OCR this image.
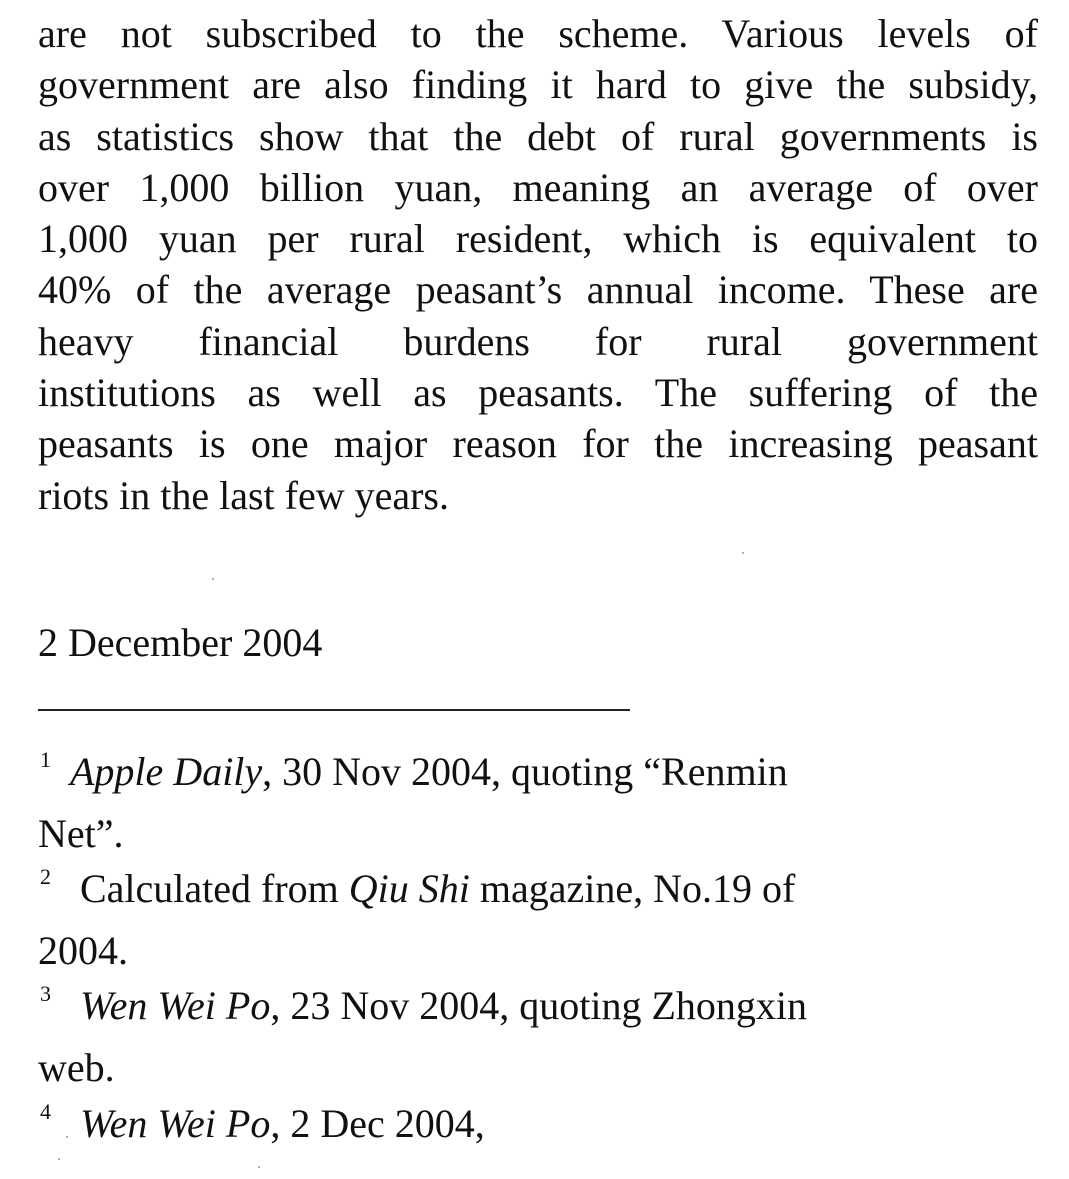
are not subscribed to the scheme. Various levels of
government are also finding it hard to give the subsidy,
as statistics show that the debt of rural governments is
over 1,000 billion yuan, meaning an average of over
1,000 yuan per rural resident, which is equivalent to
40% of the average peasant’s annual income. These are
heavy financial burdens for rural government
institutions as well as peasants. The suffering of the
peasants is one major reason for the increasing peasant
riots in the last few years.
2 December 2004
1 Apple Daily, 30 Nov 2004, quoting “Renmin
Net”.
2 Calculated from Qiu Shi magazine, No.19 of
2004.
3 Wen Wei Po, 23 Nov 2004, quoting Zhongxin
web.
4 Wen Wei Po, 2 Dec 2004,
